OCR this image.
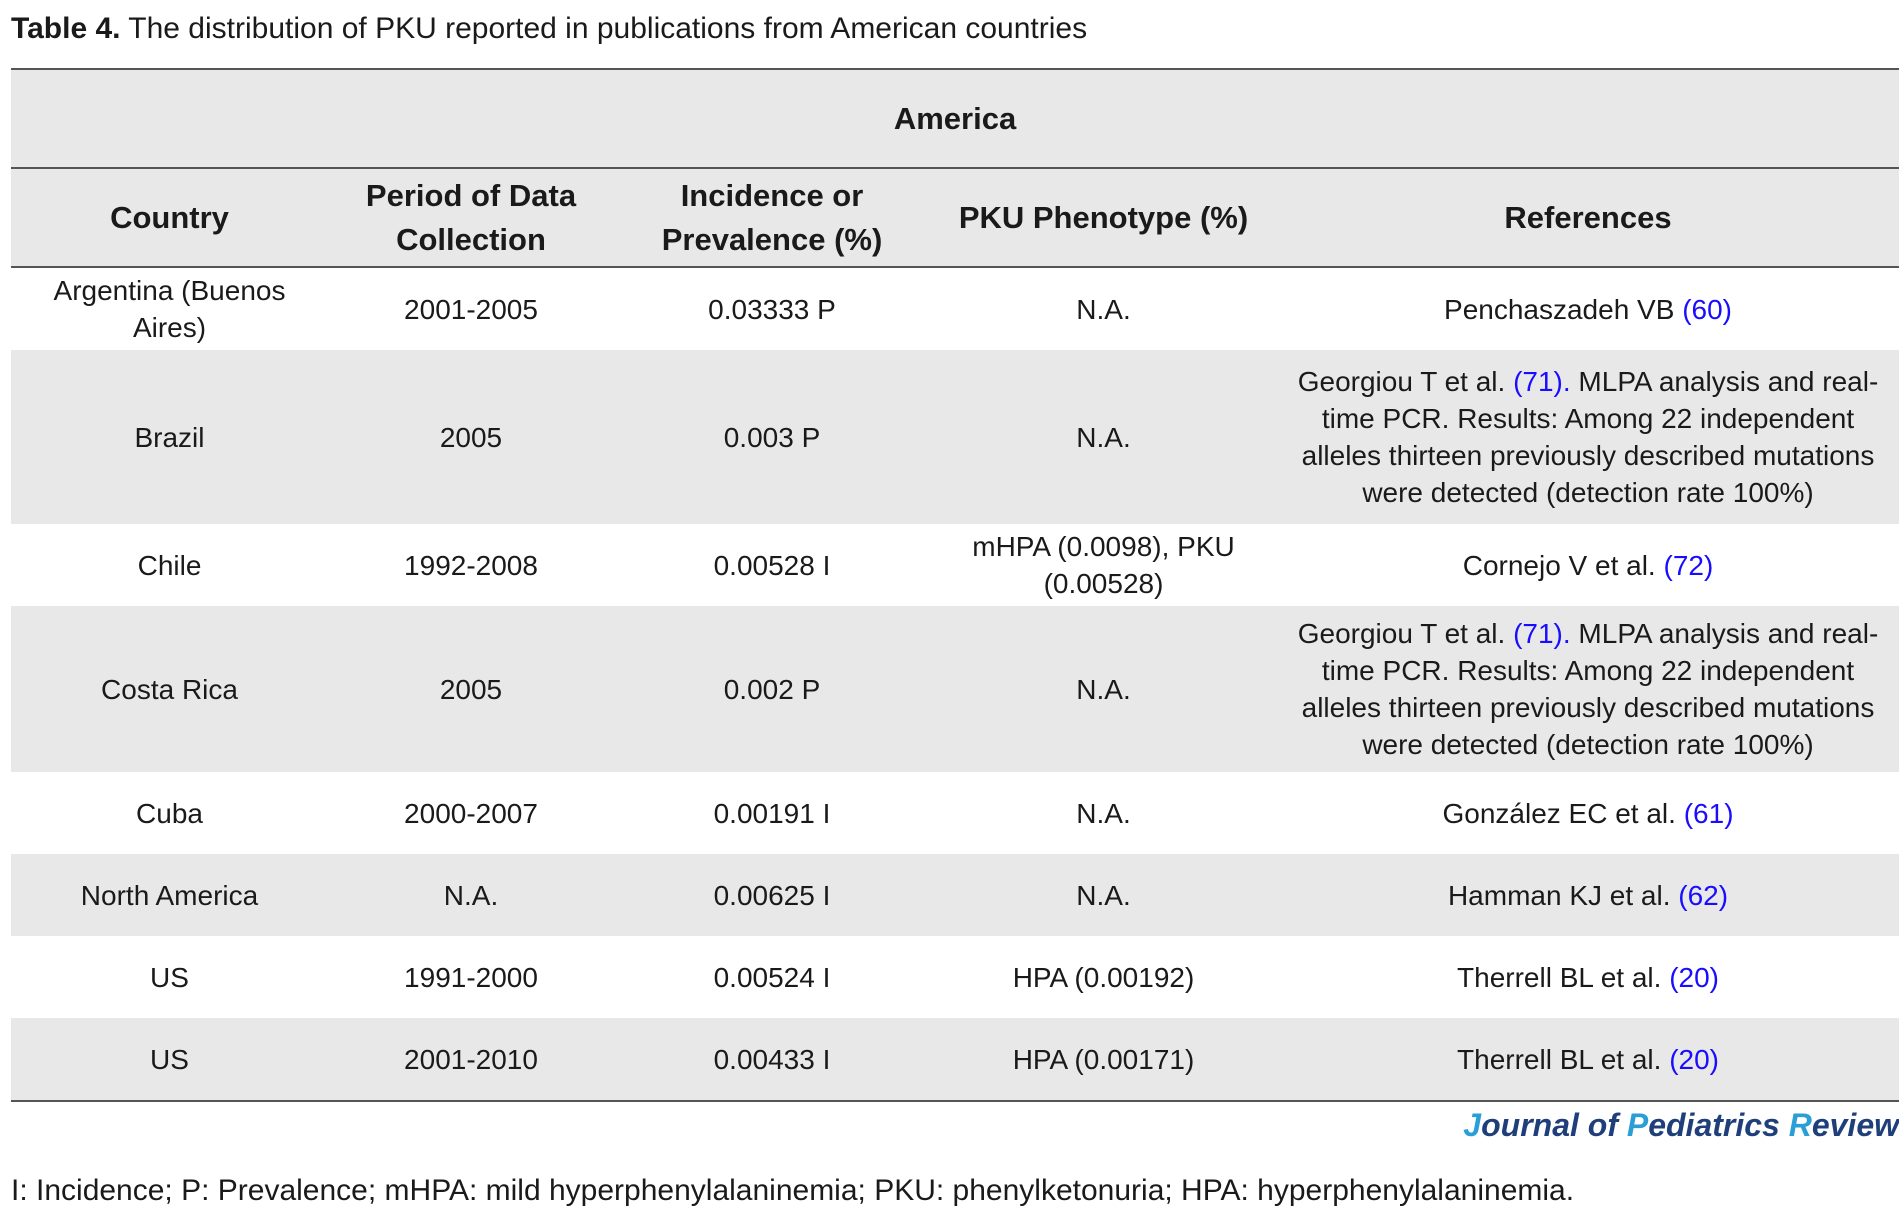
Table 4. The distribution of PKU reported in publications from American countries
America				
Country	Period of Data Collection	Incidence or Prevalence (%)	PKU Phenotype (%)	References
Argentina (Buenos Aires)	2001-2005	0.03333 P	N.A.	Penchaszadeh VB (60)
Brazil	2005	0.003 P	N.A.	Georgiou T et al. (71). MLPA analysis and real-time PCR. Results: Among 22 independent alleles thirteen previously described mutations were detected (detection rate 100%)
Chile	1992-2008	0.00528 I	mHPA (0.0098), PKU (0.00528)	Cornejo V et al. (72)
Costa Rica	2005	0.002 P	N.A.	Georgiou T et al. (71). MLPA analysis and real-time PCR. Results: Among 22 independent alleles thirteen previously described mutations were detected (detection rate 100%)
Cuba	2000-2007	0.00191 I	N.A.	González EC et al. (61)
North America	N.A.	0.00625 I	N.A.	Hamman KJ et al. (62)
US	1991-2000	0.00524 I	HPA (0.00192)	Therrell BL et al. (20)
US	2001-2010	0.00433 I	HPA (0.00171)	Therrell BL et al. (20)
Journal of Pediatrics Review
I: Incidence; P: Prevalence; mHPA: mild hyperphenylalaninemia; PKU: phenylketonuria; HPA: hyperphenylalaninemia.
